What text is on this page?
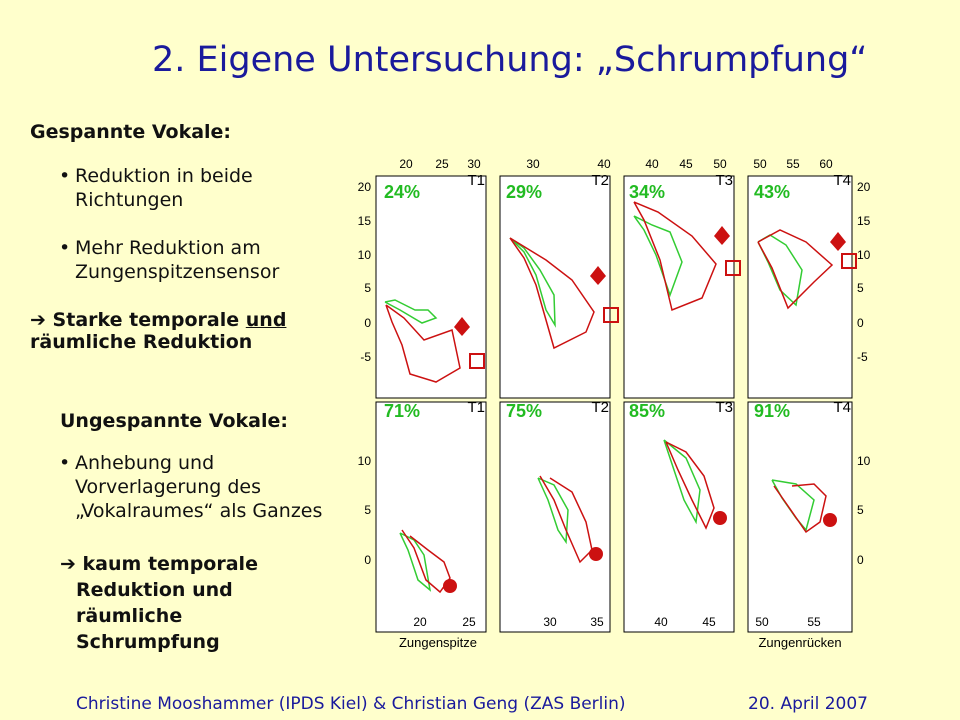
2. Eigene Untersuchung: „Schrumpfung“
Gespannte Vokale:
• Reduktion in beide
Richtungen
• Mehr Reduktion am
Zungenspitzensensor
➔ Starke temporale und
räumliche Reduktion
Ungespannte Vokale:
• Anhebung und
Vorverlagerung des
„Vokalraumes“ als Ganzes
➔ kaum temporale
Reduktion und
räumliche
Schrumpfung
20 25 30	30	40	40 45 50 50 55 60
20
15
10
5
0
-5
20
15
10
5
0
-5
10
5
0
10
5
0
20	25	30	35	40	45	50	55
Zungenspitze	Zungenrücken
T1	T2	T3	T4
T1	T2	T3	T4
24%	29%	34%	43%
71%	75%	85%	91%
Christine Mooshammer (IPDS Kiel) & Christian Geng (ZAS Berlin)	20. April 2007
